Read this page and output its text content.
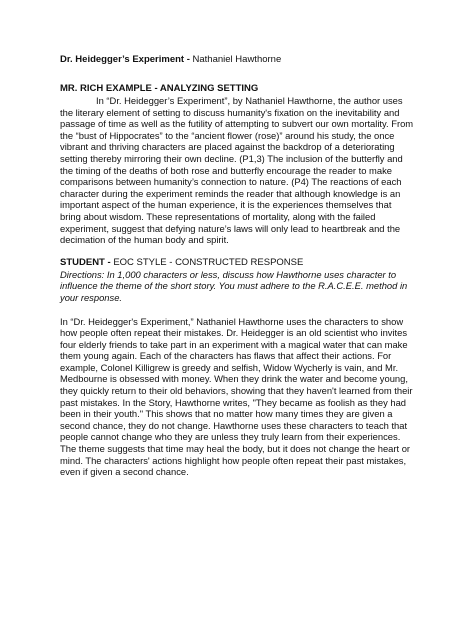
Dr. Heidegger’s Experiment - Nathaniel Hawthorne

MR. RICH EXAMPLE - ANALYZING SETTING

In “Dr. Heidegger’s Experiment”, by Nathaniel Hawthorne, the author uses the literary element of setting to discuss humanity's fixation on the inevitability and passage of time as well as the futility of attempting to subvert our own mortality. From the “bust of Hippocrates” to the “ancient flower (rose)” around his study, the once vibrant and thriving characters are placed against the backdrop of a deteriorating setting thereby mirroring their own decline. (P1,3) The inclusion of the butterfly and the timing of the deaths of both rose and butterfly encourage the reader to make comparisons between humanity’s connection to nature. (P4) The reactions of each character during the experiment reminds the reader that although knowledge is an important aspect of the human experience, it is the experiences themselves that bring about wisdom. These representations of mortality, along with the failed experiment, suggest that defying nature’s laws will only lead to heartbreak and the decimation of the human body and spirit.

STUDENT - EOC STYLE - CONSTRUCTED RESPONSE

Directions: In 1,000 characters or less, discuss how Hawthorne uses character to influence the theme of the short story. You must adhere to the R.A.C.E.E. method in your response.

In “Dr. Heidegger's Experiment,” Nathaniel Hawthorne uses the characters to show how people often repeat their mistakes. Dr. Heidegger is an old scientist who invites four elderly friends to take part in an experiment with a magical water that can make them young again. Each of the characters has flaws that affect their actions. For example, Colonel Killigrew is greedy and selfish, Widow Wycherly is vain, and Mr. Medbourne is obsessed with money. When they drink the water and become young, they quickly return to their old behaviors, showing that they haven't learned from their past mistakes. In the Story, Hawthorne writes, "They became as foolish as they had been in their youth." This shows that no matter how many times they are given a second chance, they do not change. Hawthorne uses these characters to teach that people cannot change who they are unless they truly learn from their experiences. The theme suggests that time may heal the body, but it does not change the heart or mind. The characters' actions highlight how people often repeat their past mistakes, even if given a second chance.
